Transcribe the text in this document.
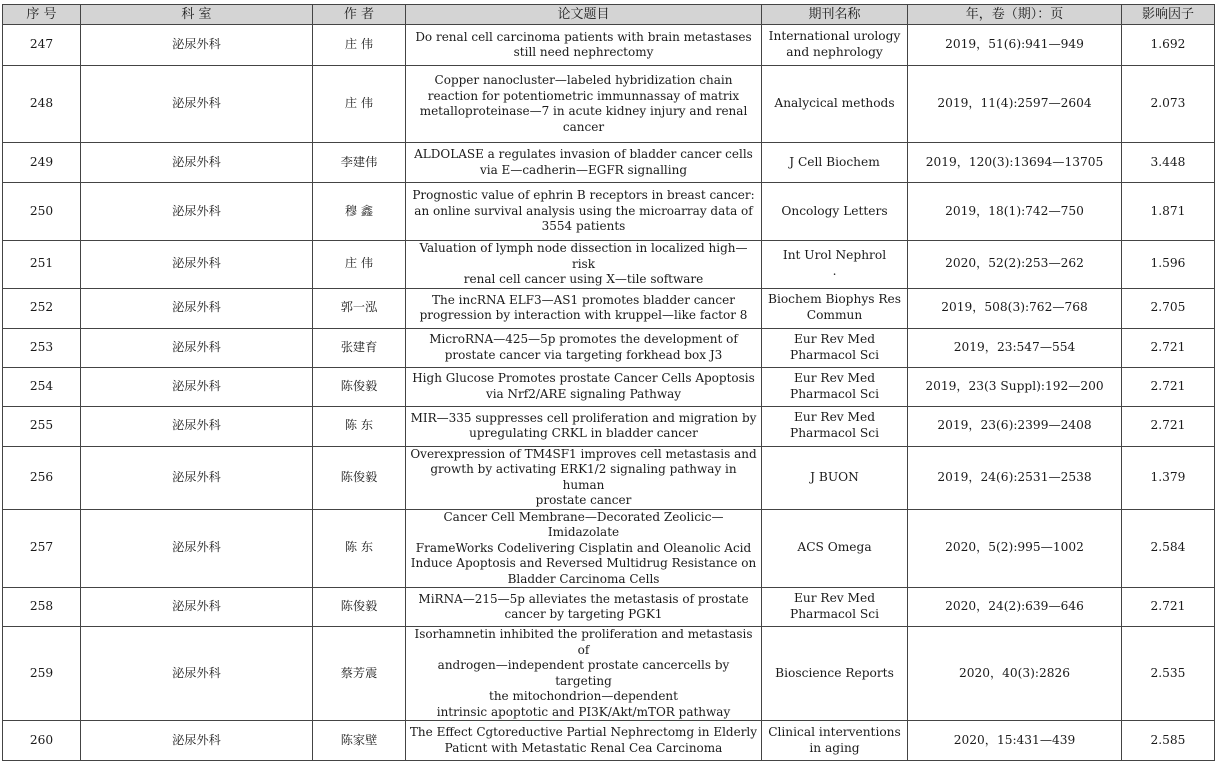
序 号	科 室	作 者	论文题目	期刊名称	年，卷（期）：页	影响因子
247	泌尿外科	庄 伟	Do renal cell carcinoma patients with brain metastases
still need nephrectomy	International urology
and nephrology	2019，51(6):941—949	1.692
248	泌尿外科	庄 伟	Copper nanocluster—labeled hybridization chain
reaction for potentiometric immunnassay of matrix
metalloproteinase—7 in acute kidney injury and renal
cancer	Analycical methods	2019，11(4):2597—2604	2.073
249	泌尿外科	李建伟	ALDOLASE a regulates invasion of bladder cancer cells
via E—cadherin—EGFR signalling	J Cell Biochem	2019，120(3):13694—13705	3.448
250	泌尿外科	穆 鑫	Prognostic value of ephrin B receptors in breast cancer:
an online survival analysis using the microarray data of
3554 patients	Oncology Letters	2019，18(1):742—750	1.871
251	泌尿外科	庄 伟	Valuation of lymph node dissection in localized high—risk
renal cell cancer using X—tile software	Int Urol Nephrol
.	2020，52(2):253—262	1.596
252	泌尿外科	郭一泓	The incRNA ELF3—AS1 promotes bladder cancer
progression by interaction with kruppel—like factor 8	Biochem Biophys Res
Commun	2019，508(3):762—768	2.705
253	泌尿外科	张建育	MicroRNA—425—5p promotes the development of
prostate cancer via targeting forkhead box J3	Eur Rev Med
Pharmacol Sci	2019，23:547—554	2.721
254	泌尿外科	陈俊毅	High Glucose Promotes prostate Cancer Cells Apoptosis
via Nrf2/ARE signaling Pathway	Eur Rev Med
Pharmacol Sci	2019，23(3 Suppl):192—200	2.721
255	泌尿外科	陈 东	MIR—335 suppresses cell proliferation and migration by
upregulating CRKL in bladder cancer	Eur Rev Med
Pharmacol Sci	2019，23(6):2399—2408	2.721
256	泌尿外科	陈俊毅	Overexpression of TM4SF1 improves cell metastasis and
growth by activating ERK1/2 signaling pathway in human
prostate cancer	J BUON	2019，24(6):2531—2538	1.379
257	泌尿外科	陈 东	Cancer Cell Membrane—Decorated Zeolicic—Imidazolate
FrameWorks Codelivering Cisplatin and Oleanolic Acid
Induce Apoptosis and Reversed Multidrug Resistance on
Bladder Carcinoma Cells	ACS Omega	2020，5(2):995—1002	2.584
258	泌尿外科	陈俊毅	MiRNA—215—5p alleviates the metastasis of prostate
cancer by targeting PGK1	Eur Rev Med
Pharmacol Sci	2020，24(2):639—646	2.721
259	泌尿外科	蔡芳震	Isorhamnetin inhibited the proliferation and metastasis of
androgen—independent prostate cancercells by targeting
the mitochondrion—dependent
intrinsic apoptotic and PI3K/Akt/mTOR pathway	Bioscience Reports	2020，40(3):2826	2.535
260	泌尿外科	陈家壁	The Effect Cgtoreductive Partial Nephrectomg in Elderly
Paticnt with Metastatic Renal Cea Carcinoma	Clinical interventions
in aging	2020，15:431—439	2.585
